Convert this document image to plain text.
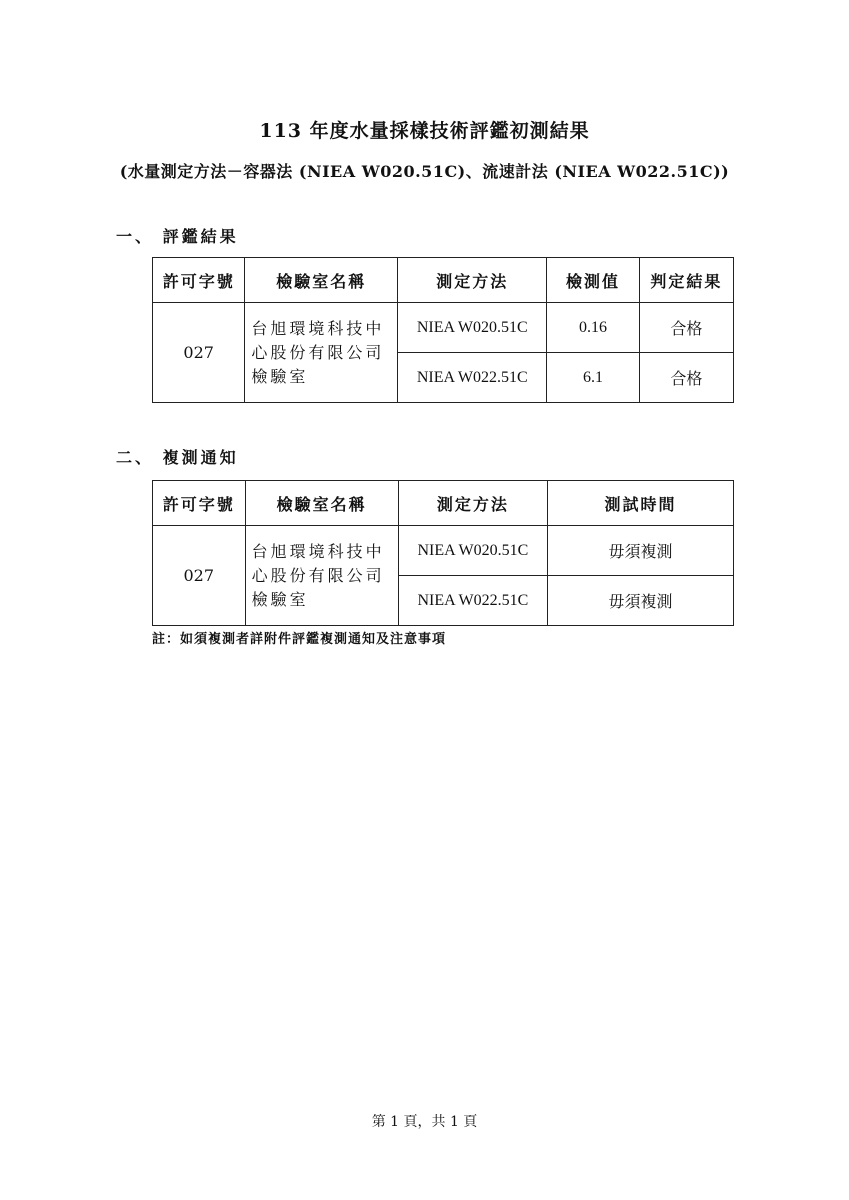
113 年度水量採樣技術評鑑初測結果
(水量測定方法－容器法 (NIEA W020.51C)、流速計法 (NIEA W022.51C))
一、 評鑑結果
許可字號	檢驗室名稱	測定方法	檢測值	判定結果
027	台旭環境科技中心股份有限公司檢驗室	NIEA W020.51C	0.16	合格
		NIEA W022.51C	6.1	合格
二、 複測通知
許可字號	檢驗室名稱	測定方法	測試時間
027	台旭環境科技中心股份有限公司檢驗室	NIEA W020.51C	毋須複測
		NIEA W022.51C	毋須複測
註：如須複測者詳附件評鑑複測通知及注意事項
第 1 頁，共 1 頁
